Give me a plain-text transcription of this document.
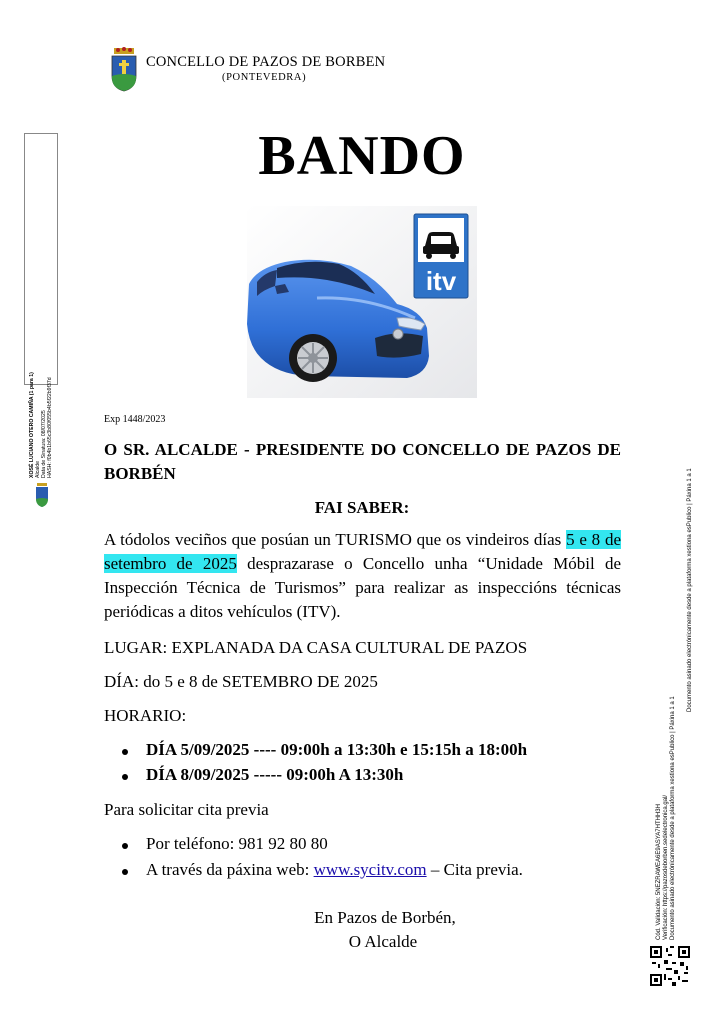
CONCELLO DE PAZOS DE BORBEN
(PONTEVEDRA)
XOSÉ LUCIANO OTERO CAMIÑA (1 para 1) Alcalde Data de Sinatura: 08/07/2025 HASH: f0b4b1b65c3b80f055b4b5f22b9f37d
BANDO
itv
Exp 1448/2023
O SR. ALCALDE - PRESIDENTE DO CONCELLO DE PAZOS DE BORBÉN
FAI SABER:
A tódolos veciños que posúan un TURISMO que os vindeiros días 5 e 8 de setembro de 2025 desprazarase o Concello unha “Unidade Móbil de Inspección Técnica de Turismos” para realizar as inspeccións técnicas periódicas a ditos vehículos (ITV).
LUGAR: EXPLANADA DA CASA CULTURAL DE PAZOS
DÍA: do 5 e 8 de SETEMBRO DE 2025
HORARIO:
DÍA 5/09/2025 ---- 09:00h a 13:30h e 15:15h a 18:00h
DÍA 8/09/2025 ----- 09:00h A 13:30h
Para solicitar cita previa
Por teléfono: 981 92 80 80
A través da páxina web: www.sycitv.com – Cita previa.
En Pazos de Borbén,
O Alcalde
Cód. Validación: 5NEZRAWEA6E9ASYA7HTHH3H Verificación: https://pazosdeborben.sedelectronica.gal/ Documento asinado electrónicamente desde a plataforma xestiona esPublico | Páxina 1 a 1
Documento asinado electrónicamente desde a plataforma xestiona esPublico | Páxina 1 a 1
